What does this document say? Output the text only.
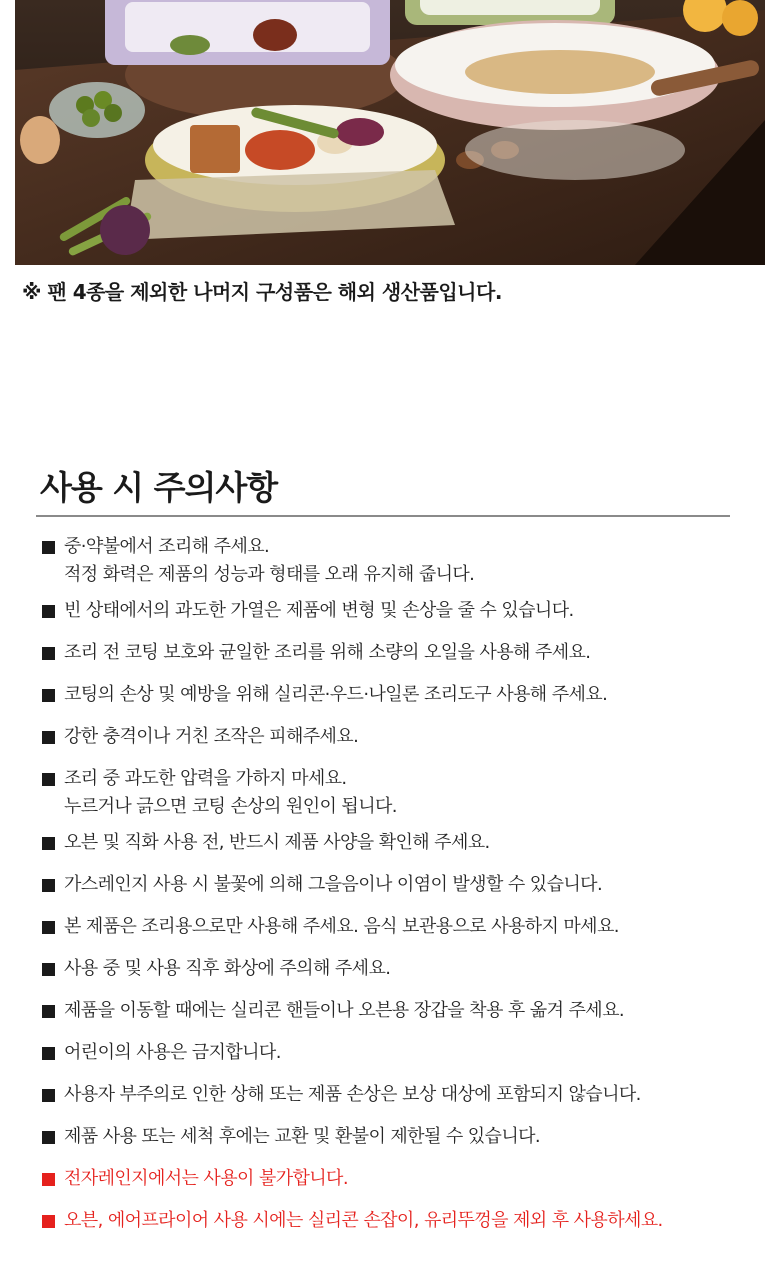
※ 팬 4종을 제외한 나머지 구성품은 해외 생산품입니다.
사용 시 주의사항

중·약불에서 조리해 주세요.

적정 화력은 제품의 성능과 형태를 오래 유지해 줍니다.

빈 상태에서의 과도한 가열은 제품에 변형 및 손상을 줄 수 있습니다.

조리 전 코팅 보호와 균일한 조리를 위해 소량의 오일을 사용해 주세요.

코팅의 손상 및 예방을 위해 실리콘·우드·나일론 조리도구 사용해 주세요.

강한 충격이나 거친 조작은 피해주세요.

조리 중 과도한 압력을 가하지 마세요.

누르거나 긁으면 코팅 손상의 원인이 됩니다.

오븐 및 직화 사용 전, 반드시 제품 사양을 확인해 주세요.

가스레인지 사용 시 불꽃에 의해 그을음이나 이염이 발생할 수 있습니다.

본 제품은 조리용으로만 사용해 주세요. 음식 보관용으로 사용하지 마세요.

사용 중 및 사용 직후 화상에 주의해 주세요.

제품을 이동할 때에는 실리콘 핸들이나 오븐용 장갑을 착용 후 옮겨 주세요.

어린이의 사용은 금지합니다.

사용자 부주의로 인한 상해 또는 제품 손상은 보상 대상에 포함되지 않습니다.

제품 사용 또는 세척 후에는 교환 및 환불이 제한될 수 있습니다.

전자레인지에서는 사용이 불가합니다.

오븐, 에어프라이어 사용 시에는 실리콘 손잡이, 유리뚜껑을 제외 후 사용하세요.
